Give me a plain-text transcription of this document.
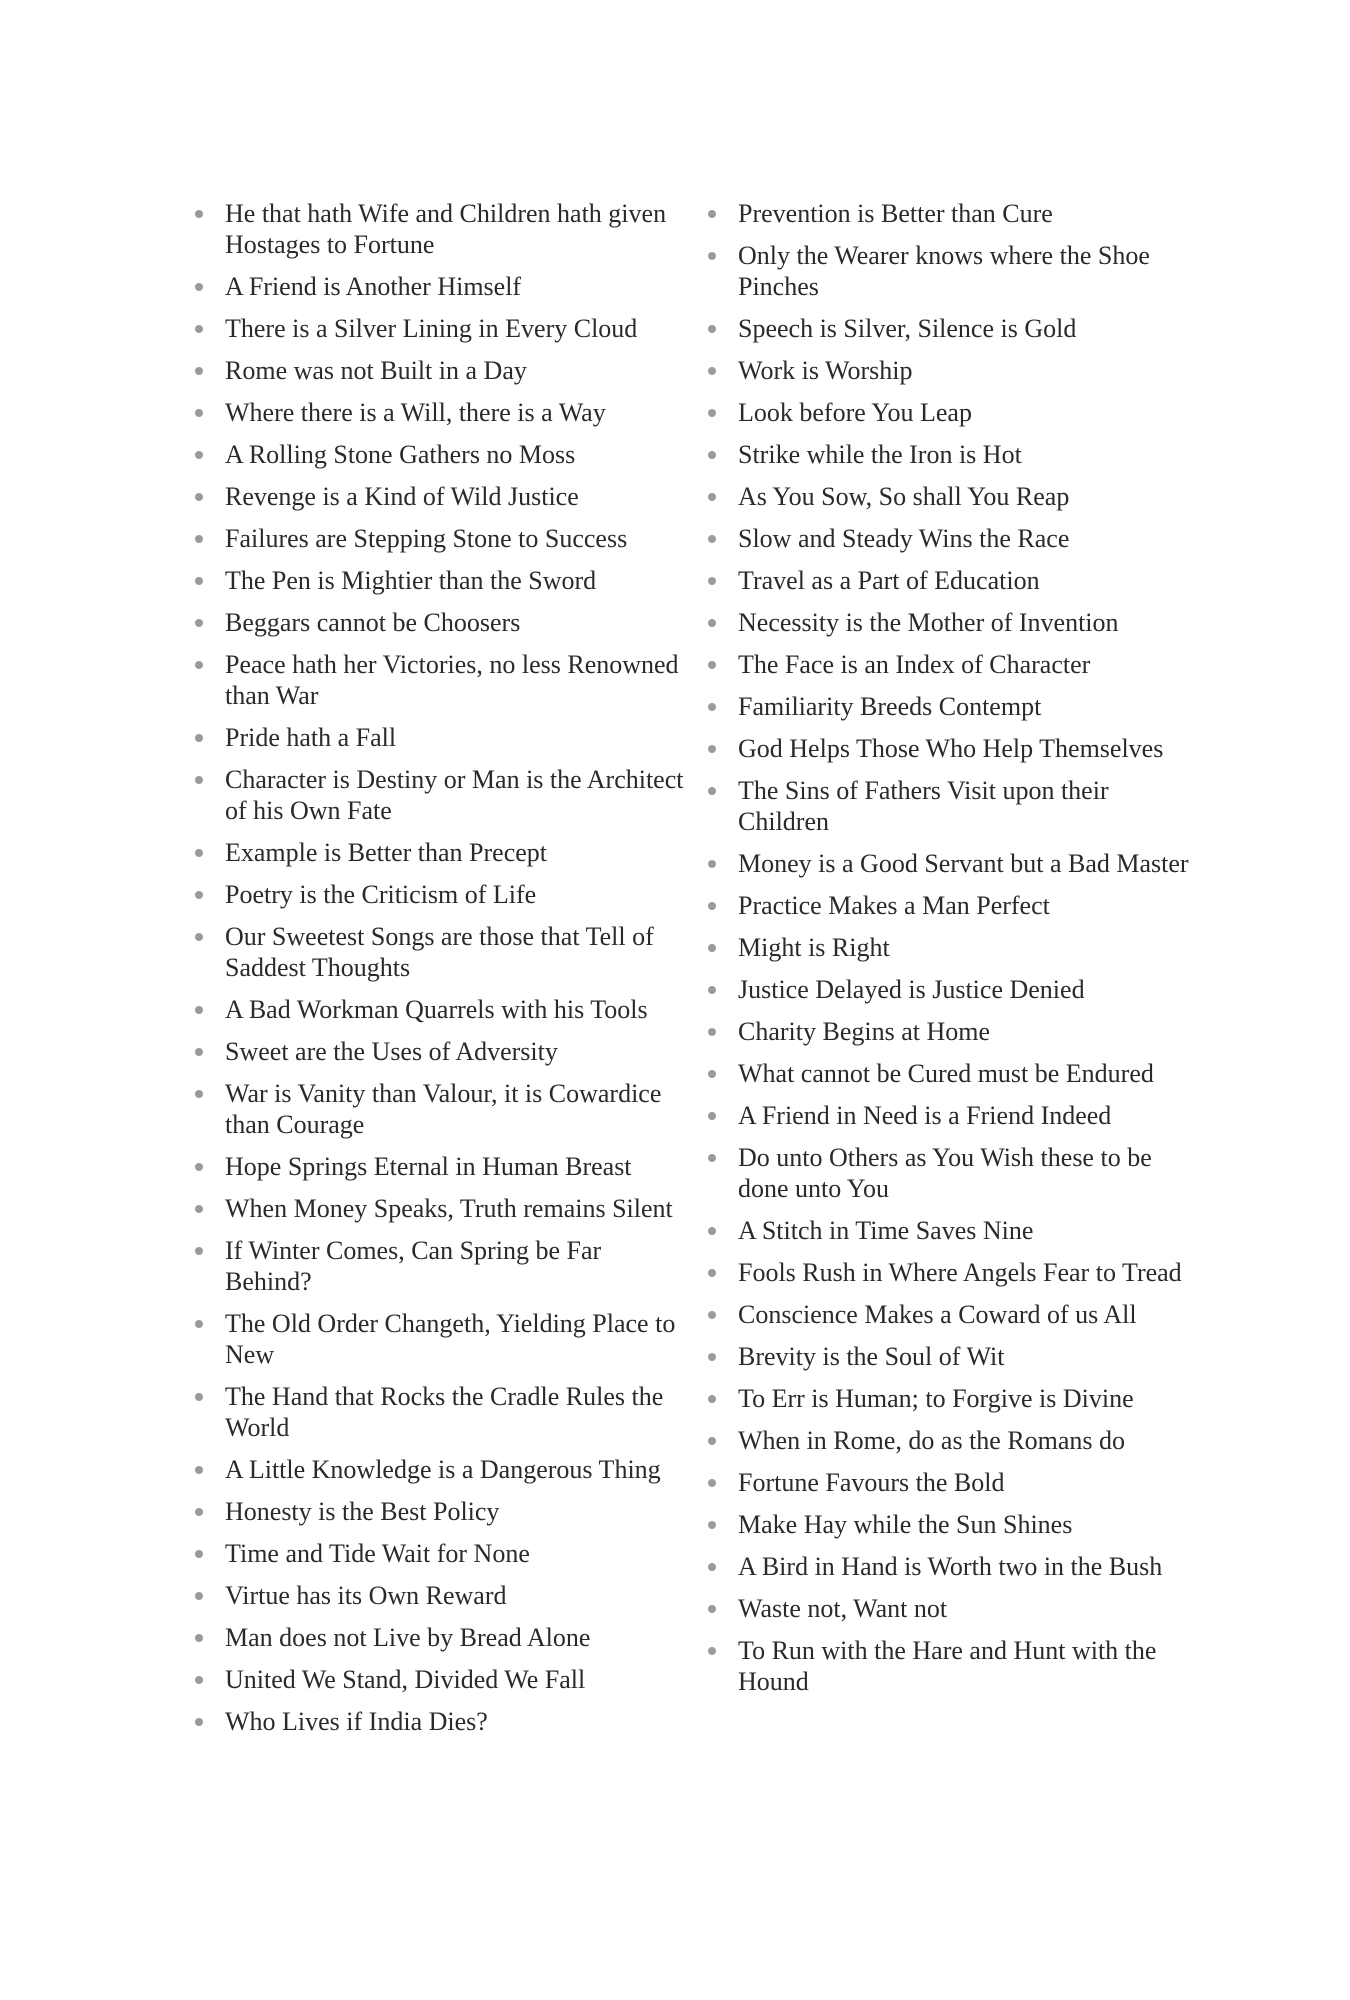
He that hath Wife and Children hath given Hostages to Fortune
A Friend is Another Himself
There is a Silver Lining in Every Cloud
Rome was not Built in a Day
Where there is a Will, there is a Way
A Rolling Stone Gathers no Moss
Revenge is a Kind of Wild Justice
Failures are Stepping Stone to Success
The Pen is Mightier than the Sword
Beggars cannot be Choosers
Peace hath her Victories, no less Renowned than War
Pride hath a Fall
Character is Destiny or Man is the Architect of his Own Fate
Example is Better than Precept
Poetry is the Criticism of Life
Our Sweetest Songs are those that Tell of Saddest Thoughts
A Bad Workman Quarrels with his Tools
Sweet are the Uses of Adversity
War is Vanity than Valour, it is Cowardice than Courage
Hope Springs Eternal in Human Breast
When Money Speaks, Truth remains Silent
If Winter Comes, Can Spring be Far Behind?
The Old Order Changeth, Yielding Place to New
The Hand that Rocks the Cradle Rules the World
A Little Knowledge is a Dangerous Thing
Honesty is the Best Policy
Time and Tide Wait for None
Virtue has its Own Reward
Man does not Live by Bread Alone
United We Stand, Divided We Fall
Who Lives if India Dies?
Prevention is Better than Cure
Only the Wearer knows where the Shoe Pinches
Speech is Silver, Silence is Gold
Work is Worship
Look before You Leap
Strike while the Iron is Hot
As You Sow, So shall You Reap
Slow and Steady Wins the Race
Travel as a Part of Education
Necessity is the Mother of Invention
The Face is an Index of Character
Familiarity Breeds Contempt
God Helps Those Who Help Themselves
The Sins of Fathers Visit upon their Children
Money is a Good Servant but a Bad Master
Practice Makes a Man Perfect
Might is Right
Justice Delayed is Justice Denied
Charity Begins at Home
What cannot be Cured must be Endured
A Friend in Need is a Friend Indeed
Do unto Others as You Wish these to be done unto You
A Stitch in Time Saves Nine
Fools Rush in Where Angels Fear to Tread
Conscience Makes a Coward of us All
Brevity is the Soul of Wit
To Err is Human; to Forgive is Divine
When in Rome, do as the Romans do
Fortune Favours the Bold
Make Hay while the Sun Shines
A Bird in Hand is Worth two in the Bush
Waste not, Want not
To Run with the Hare and Hunt with the Hound
